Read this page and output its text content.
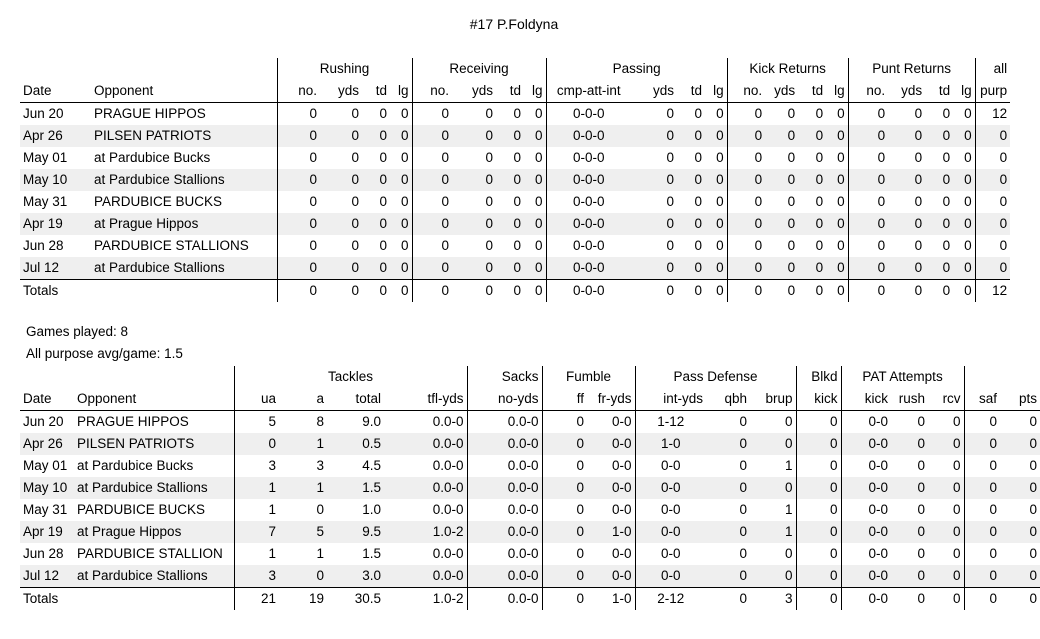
#17 P.Foldyna
		Rushing				Receiving				Passing				Kick Returns				Punt Returns				all
Date	Opponent	no.	yds	td	lg	no.	yds	td	lg	cmp-att-int	yds	td	lg	no.	yds	td	lg	no.	yds	td	lg	purp
Jun 20	PRAGUE HIPPOS	0	0	0	0	0	0	0	0	0-0-0	0	0	0	0	0	0	0	0	0	0	0	12
Apr 26	PILSEN PATRIOTS	0	0	0	0	0	0	0	0	0-0-0	0	0	0	0	0	0	0	0	0	0	0	0
May 01	at Pardubice Bucks	0	0	0	0	0	0	0	0	0-0-0	0	0	0	0	0	0	0	0	0	0	0	0
May 10	at Pardubice Stallions	0	0	0	0	0	0	0	0	0-0-0	0	0	0	0	0	0	0	0	0	0	0	0
May 31	PARDUBICE BUCKS	0	0	0	0	0	0	0	0	0-0-0	0	0	0	0	0	0	0	0	0	0	0	0
Apr 19	at Prague Hippos	0	0	0	0	0	0	0	0	0-0-0	0	0	0	0	0	0	0	0	0	0	0	0
Jun 28	PARDUBICE STALLIONS	0	0	0	0	0	0	0	0	0-0-0	0	0	0	0	0	0	0	0	0	0	0	0
Jul 12	at Pardubice Stallions	0	0	0	0	0	0	0	0	0-0-0	0	0	0	0	0	0	0	0	0	0	0	0
Totals		0	0	0	0	0	0	0	0	0-0-0	0	0	0	0	0	0	0	0	0	0	0	12
Games played: 8
All purpose avg/game: 1.5
		Tackles				Sacks	Fumble		Pass Defense			Blkd	PAT Attempts				
Date	Opponent	ua	a	total	tfl-yds	no-yds	ff	fr-yds	int-yds	qbh	brup	kick	kick	rush	rcv	saf	pts
Jun 20	PRAGUE HIPPOS	5	8	9.0	0.0-0	0.0-0	0	0-0	1-12	0	0	0	0-0	0	0	0	0
Apr 26	PILSEN PATRIOTS	0	1	0.5	0.0-0	0.0-0	0	0-0	1-0	0	0	0	0-0	0	0	0	0
May 01	at Pardubice Bucks	3	3	4.5	0.0-0	0.0-0	0	0-0	0-0	0	1	0	0-0	0	0	0	0
May 10	at Pardubice Stallions	1	1	1.5	0.0-0	0.0-0	0	0-0	0-0	0	0	0	0-0	0	0	0	0
May 31	PARDUBICE BUCKS	1	0	1.0	0.0-0	0.0-0	0	0-0	0-0	0	1	0	0-0	0	0	0	0
Apr 19	at Prague Hippos	7	5	9.5	1.0-2	0.0-0	0	1-0	0-0	0	1	0	0-0	0	0	0	0
Jun 28	PARDUBICE STALLION	1	1	1.5	0.0-0	0.0-0	0	0-0	0-0	0	0	0	0-0	0	0	0	0
Jul 12	at Pardubice Stallions	3	0	3.0	0.0-0	0.0-0	0	0-0	0-0	0	0	0	0-0	0	0	0	0
Totals		21	19	30.5	1.0-2	0.0-0	0	1-0	2-12	0	3	0	0-0	0	0	0	0
